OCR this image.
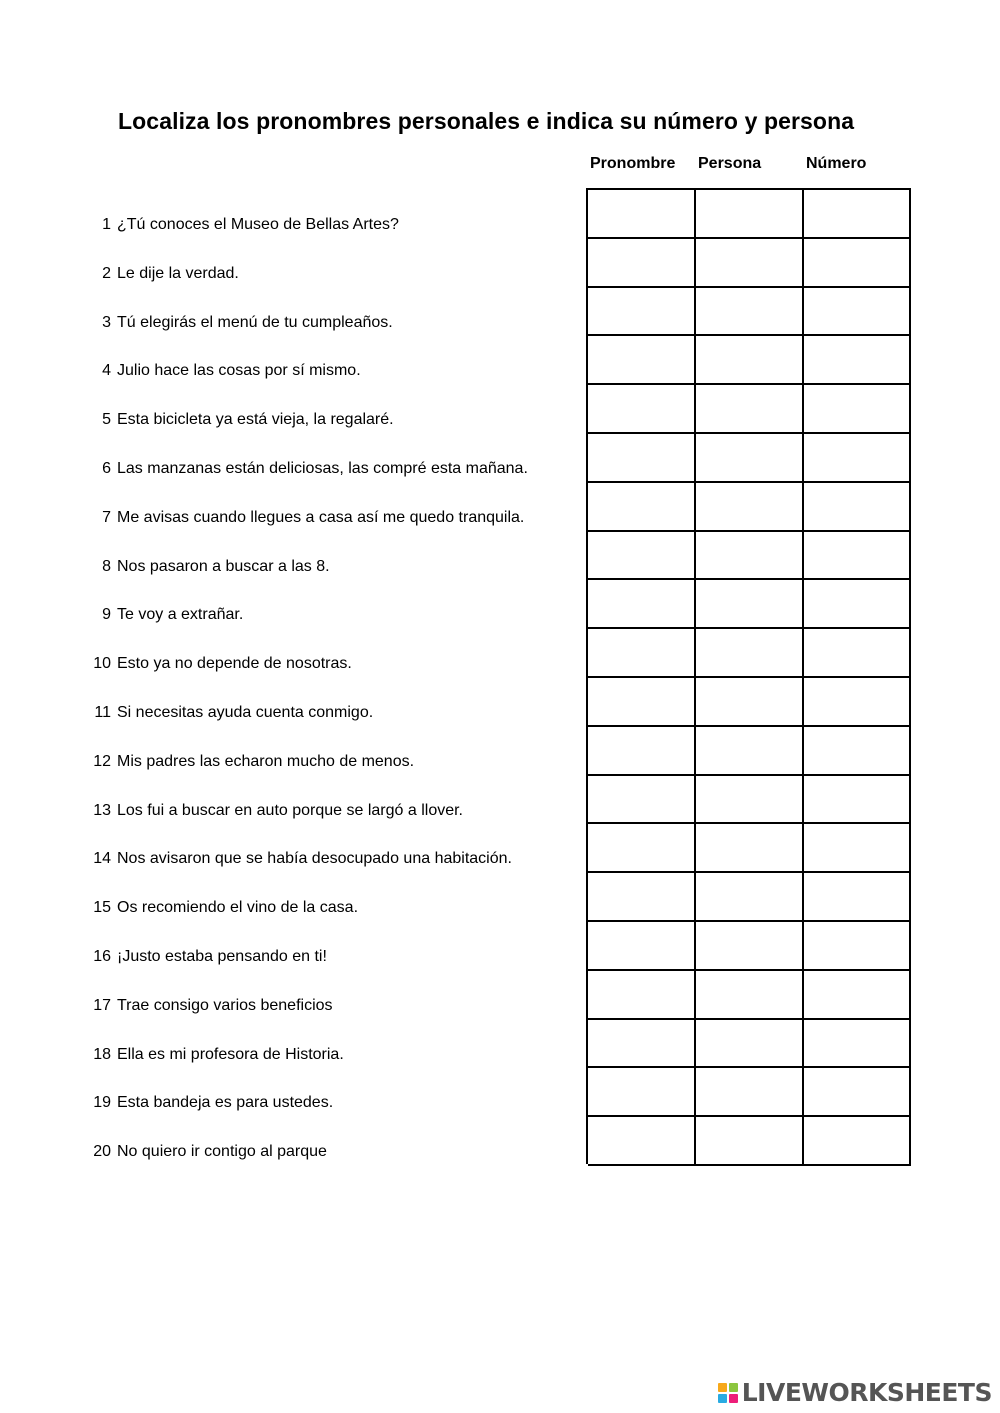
Localiza los pronombres personales e indica su número y persona
Pronombre Persona	Número
1 ¿Tú conoces el Museo de Bellas Artes?
2 Le dije la verdad.
3 Tú elegirás el menú de tu cumpleaños.
4 Julio hace las cosas por sí mismo.
5 Esta bicicleta ya está vieja, la regalaré.
6 Las manzanas están deliciosas, las compré esta mañana.
7 Me avisas cuando llegues a casa así me quedo tranquila.
8 Nos pasaron a buscar a las 8.
9 Te voy a extrañar.
10 Esto ya no depende de nosotras.
11 Si necesitas ayuda cuenta conmigo.
12 Mis padres las echaron mucho de menos.
13 Los fui a buscar en auto porque se largó a llover.
14 Nos avisaron que se había desocupado una habitación.
15 Os recomiendo el vino de la casa.
16 ¡Justo estaba pensando en ti!
17 Trae consigo varios beneficios
18 Ella es mi profesora de Historia.
19 Esta bandeja es para ustedes.
20 No quiero ir contigo al parque
LIVEWORKSHEETS
